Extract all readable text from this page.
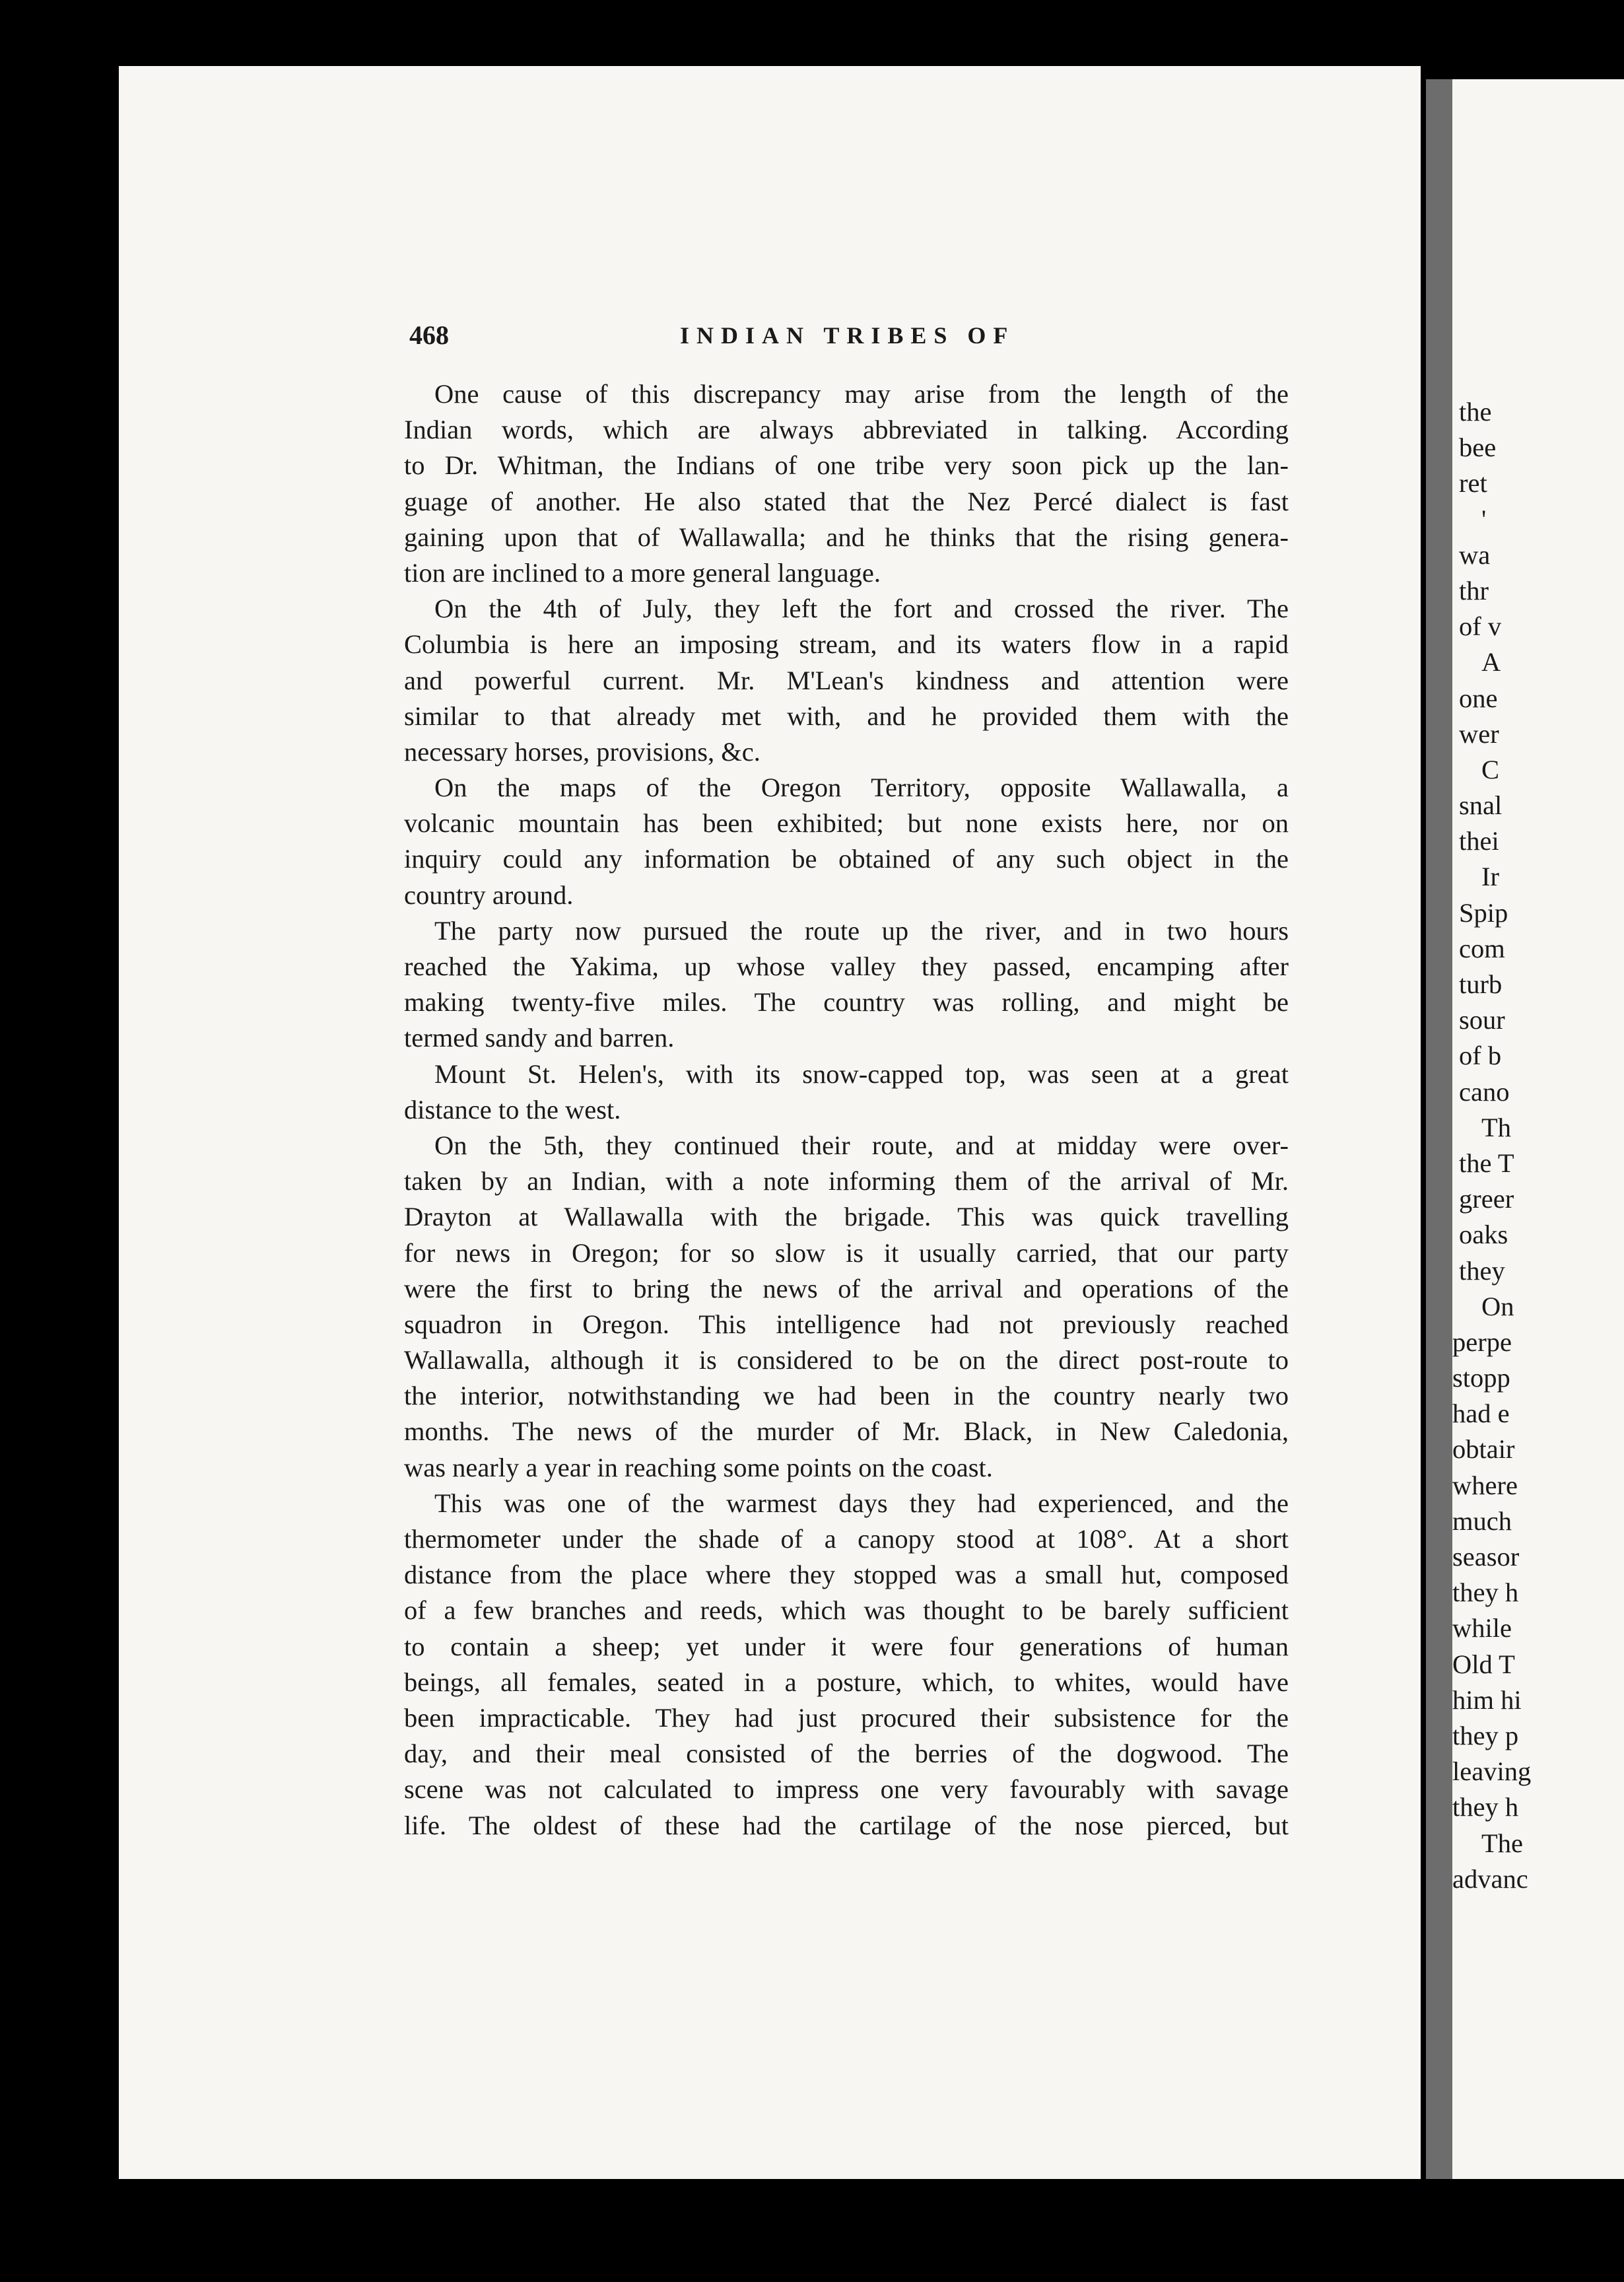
the
bee
ret
'
wa
thr
of v
A
one
wer
C
snal
thei
Ir
Spip
com
turb
sour
of b
cano
Th
the T
greer
oaks
they
On
perpe
stopp
had e
obtair
where
much
seasor
they h
while
Old T
him hi
they p
leaving
they h
The
advanc
468	INDIAN TRIBES OF
One cause of this discrepancy may arise from the length of the
Indian words, which are always abbreviated in talking. According
to Dr. Whitman, the Indians of one tribe very soon pick up the lan-
guage of another. He also stated that the Nez Percé dialect is fast
gaining upon that of Wallawalla; and he thinks that the rising genera-
tion are inclined to a more general language.
On the 4th of July, they left the fort and crossed the river. The
Columbia is here an imposing stream, and its waters flow in a rapid
and powerful current. Mr. M'Lean's kindness and attention were
similar to that already met with, and he provided them with the
necessary horses, provisions, &c.
On the maps of the Oregon Territory, opposite Wallawalla, a
volcanic mountain has been exhibited; but none exists here, nor on
inquiry could any information be obtained of any such object in the
country around.
The party now pursued the route up the river, and in two hours
reached the Yakima, up whose valley they passed, encamping after
making twenty-five miles. The country was rolling, and might be
termed sandy and barren.
Mount St. Helen's, with its snow-capped top, was seen at a great
distance to the west.
On the 5th, they continued their route, and at midday were over-
taken by an Indian, with a note informing them of the arrival of Mr.
Drayton at Wallawalla with the brigade. This was quick travelling
for news in Oregon; for so slow is it usually carried, that our party
were the first to bring the news of the arrival and operations of the
squadron in Oregon. This intelligence had not previously reached
Wallawalla, although it is considered to be on the direct post-route to
the interior, notwithstanding we had been in the country nearly two
months. The news of the murder of Mr. Black, in New Caledonia,
was nearly a year in reaching some points on the coast.
This was one of the warmest days they had experienced, and the
thermometer under the shade of a canopy stood at 108°. At a short
distance from the place where they stopped was a small hut, composed
of a few branches and reeds, which was thought to be barely sufficient
to contain a sheep; yet under it were four generations of human
beings, all females, seated in a posture, which, to whites, would have
been impracticable. They had just procured their subsistence for the
day, and their meal consisted of the berries of the dogwood. The
scene was not calculated to impress one very favourably with savage
life. The oldest of these had the cartilage of the nose pierced, but
